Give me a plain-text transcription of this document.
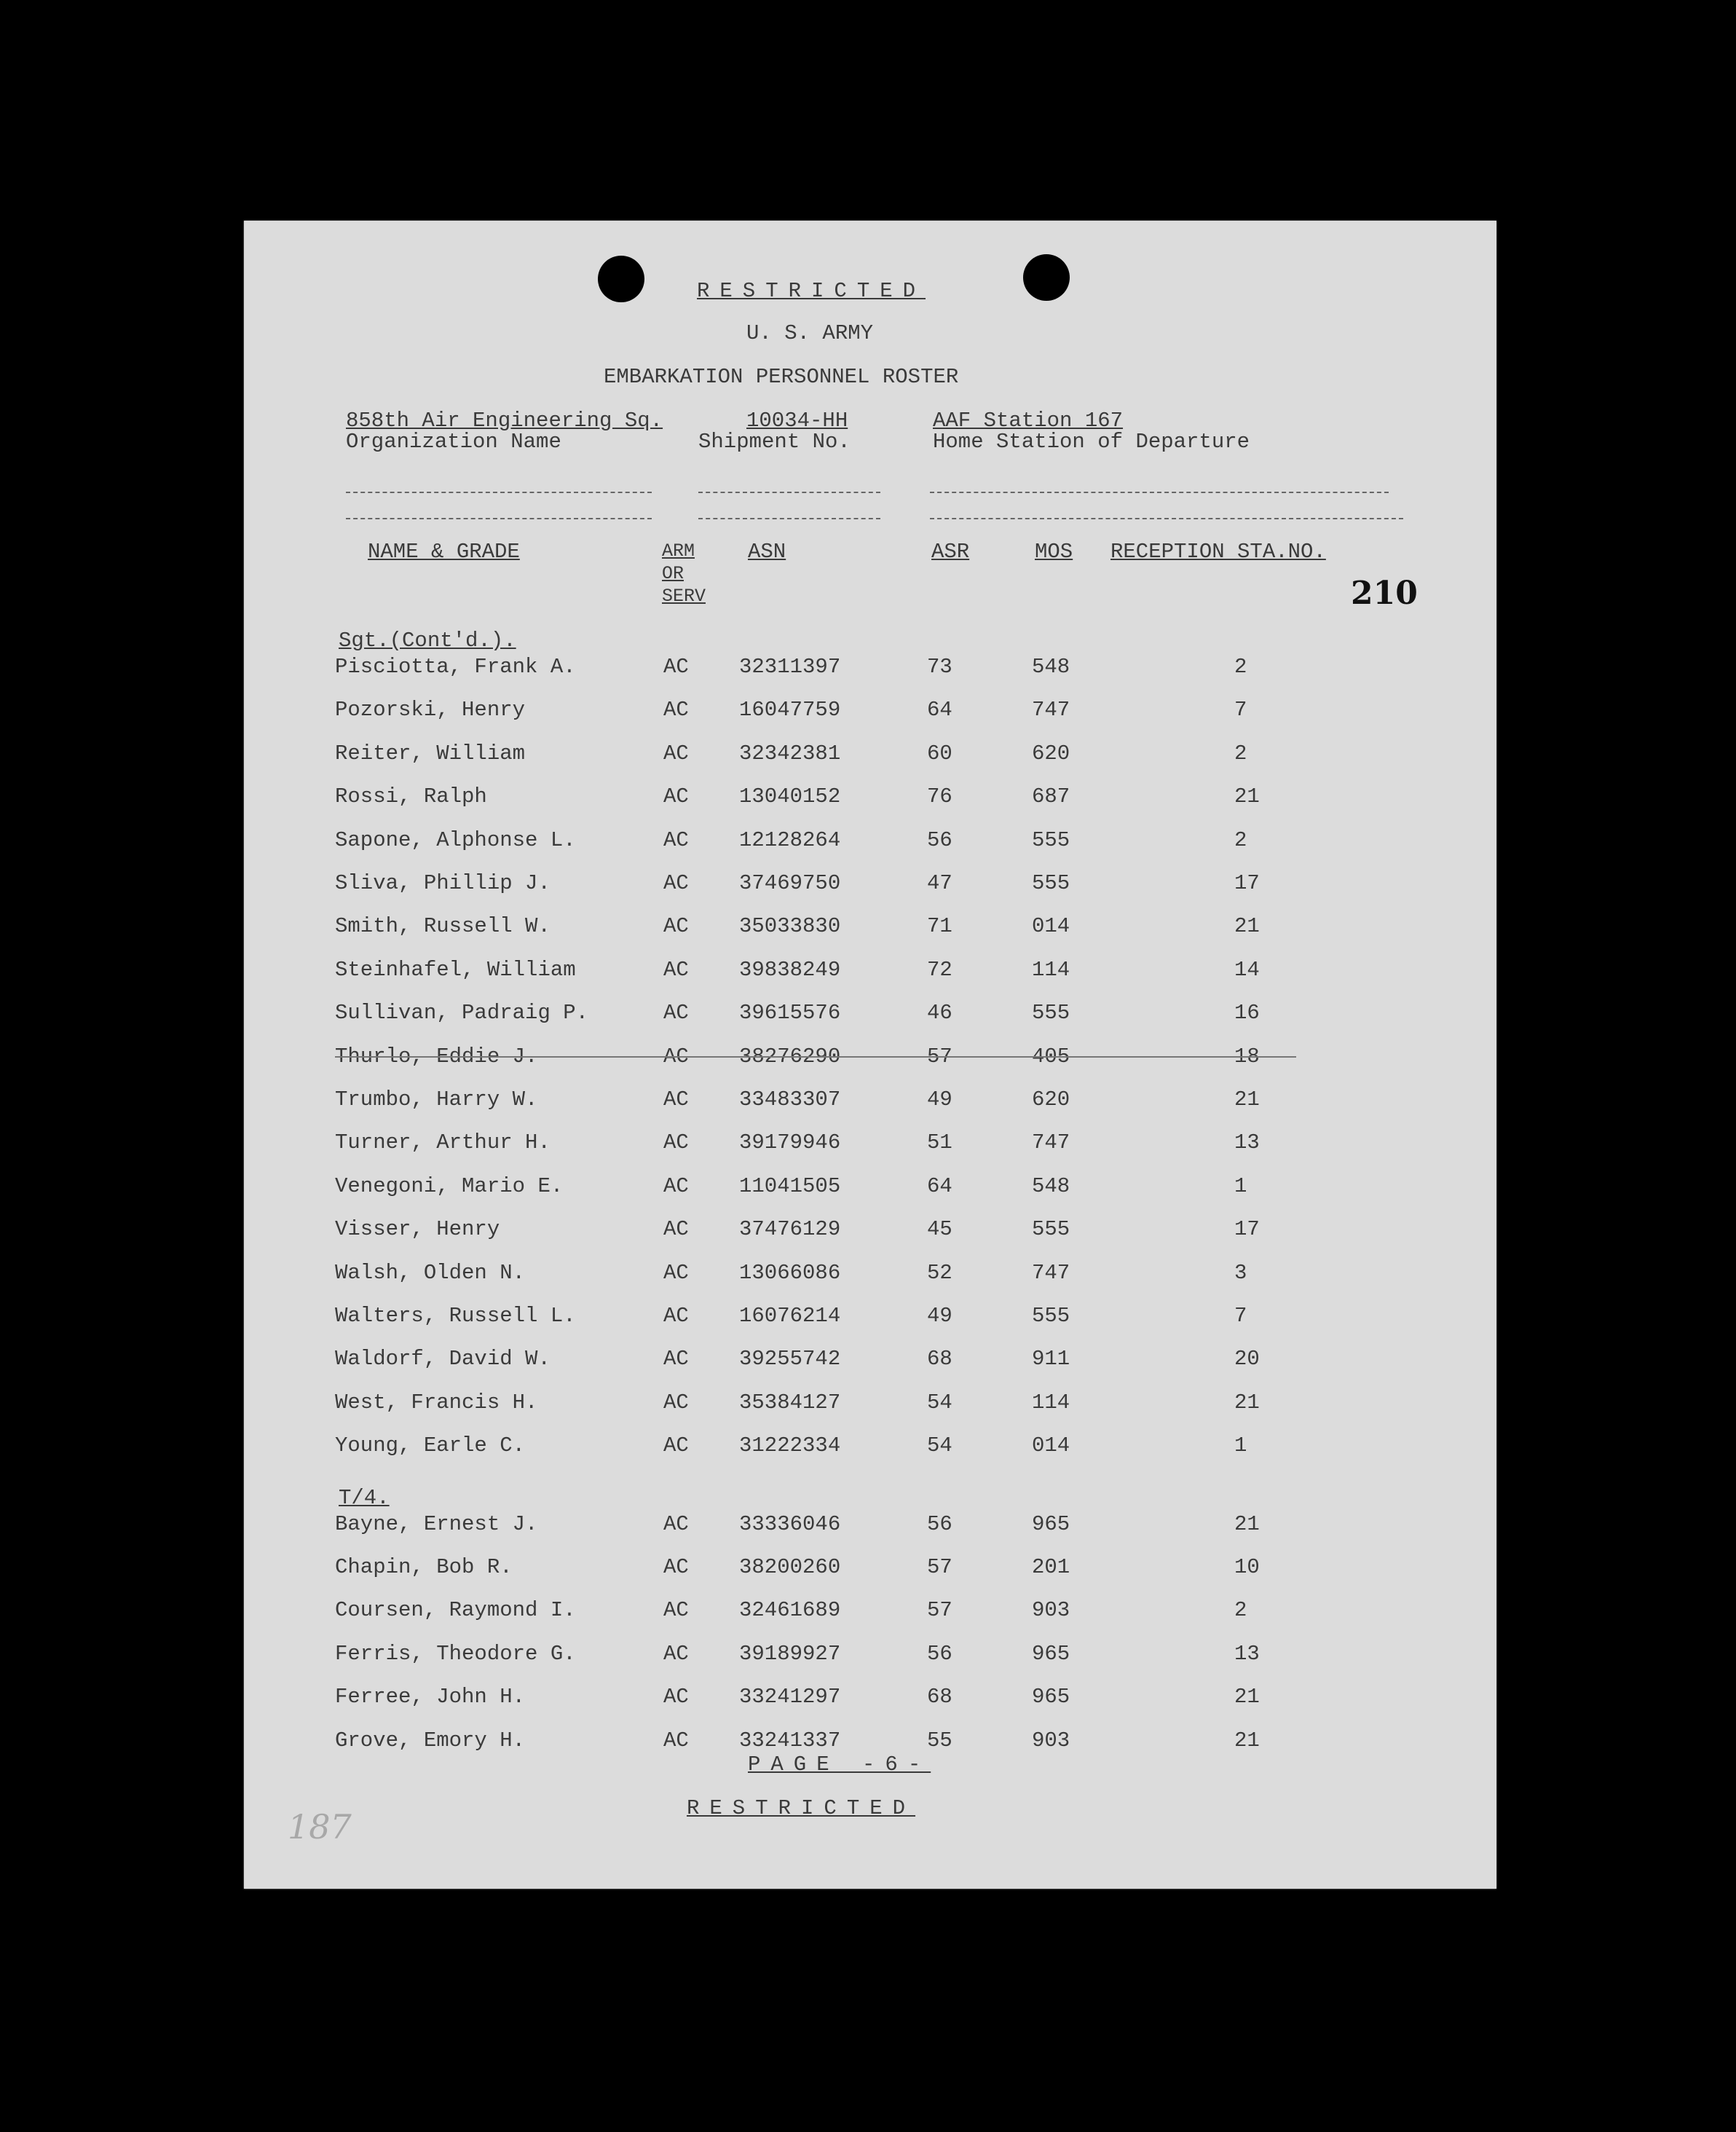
RESTRICTED
U. S. ARMY
EMBARKATION PERSONNEL ROSTER
858th Air Engineering Sq.
Organization Name
10034-HH
Shipment No.
AAF Station 167
Home Station of Departure
NAME & GRADE	ARM
OR
SERV
ASN	ASR	MOS RECEPTION STA.NO.
210
Sgt.(Cont'd.).
Pisciotta, Frank A.	AC 32311397	73	548	2
Pozorski, Henry	AC 16047759	64	747	7
Reiter, William	AC 32342381	60	620	2
Rossi, Ralph	AC 13040152	76	687	21
Sapone, Alphonse L.	AC 12128264	56	555	2
Sliva, Phillip J.	AC 37469750	47	555	17
Smith, Russell W.	AC 35033830	71	014	21
Steinhafel, William	AC 39838249	72	114	14
Sullivan, Padraig P.	AC 39615576	46	555	16
Thurlo, Eddie J.	AC 38276290	57	405	18
Trumbo, Harry W.	AC 33483307	49	620	21
Turner, Arthur H.	AC 39179946	51	747	13
Venegoni, Mario E.	AC 11041505	64	548	1
Visser, Henry	AC 37476129	45	555	17
Walsh, Olden N.	AC 13066086	52	747	3
Walters, Russell L.	AC 16076214	49	555	7
Waldorf, David W.	AC 39255742	68	911	20
West, Francis H.	AC 35384127	54	114	21
Young, Earle C.	AC 31222334	54	014	1
T/4.
Bayne, Ernest J.	AC 33336046	56	965	21
Chapin, Bob R.	AC 38200260	57	201	10
Coursen, Raymond I.	AC 32461689	57	903	2
Ferris, Theodore G.	AC 39189927	56	965	13
Ferree, John H.	AC 33241297	68	965	21
Grove, Emory H.	AC 33241337	55	903	21
PAGE -6-
RESTRICTED
187
